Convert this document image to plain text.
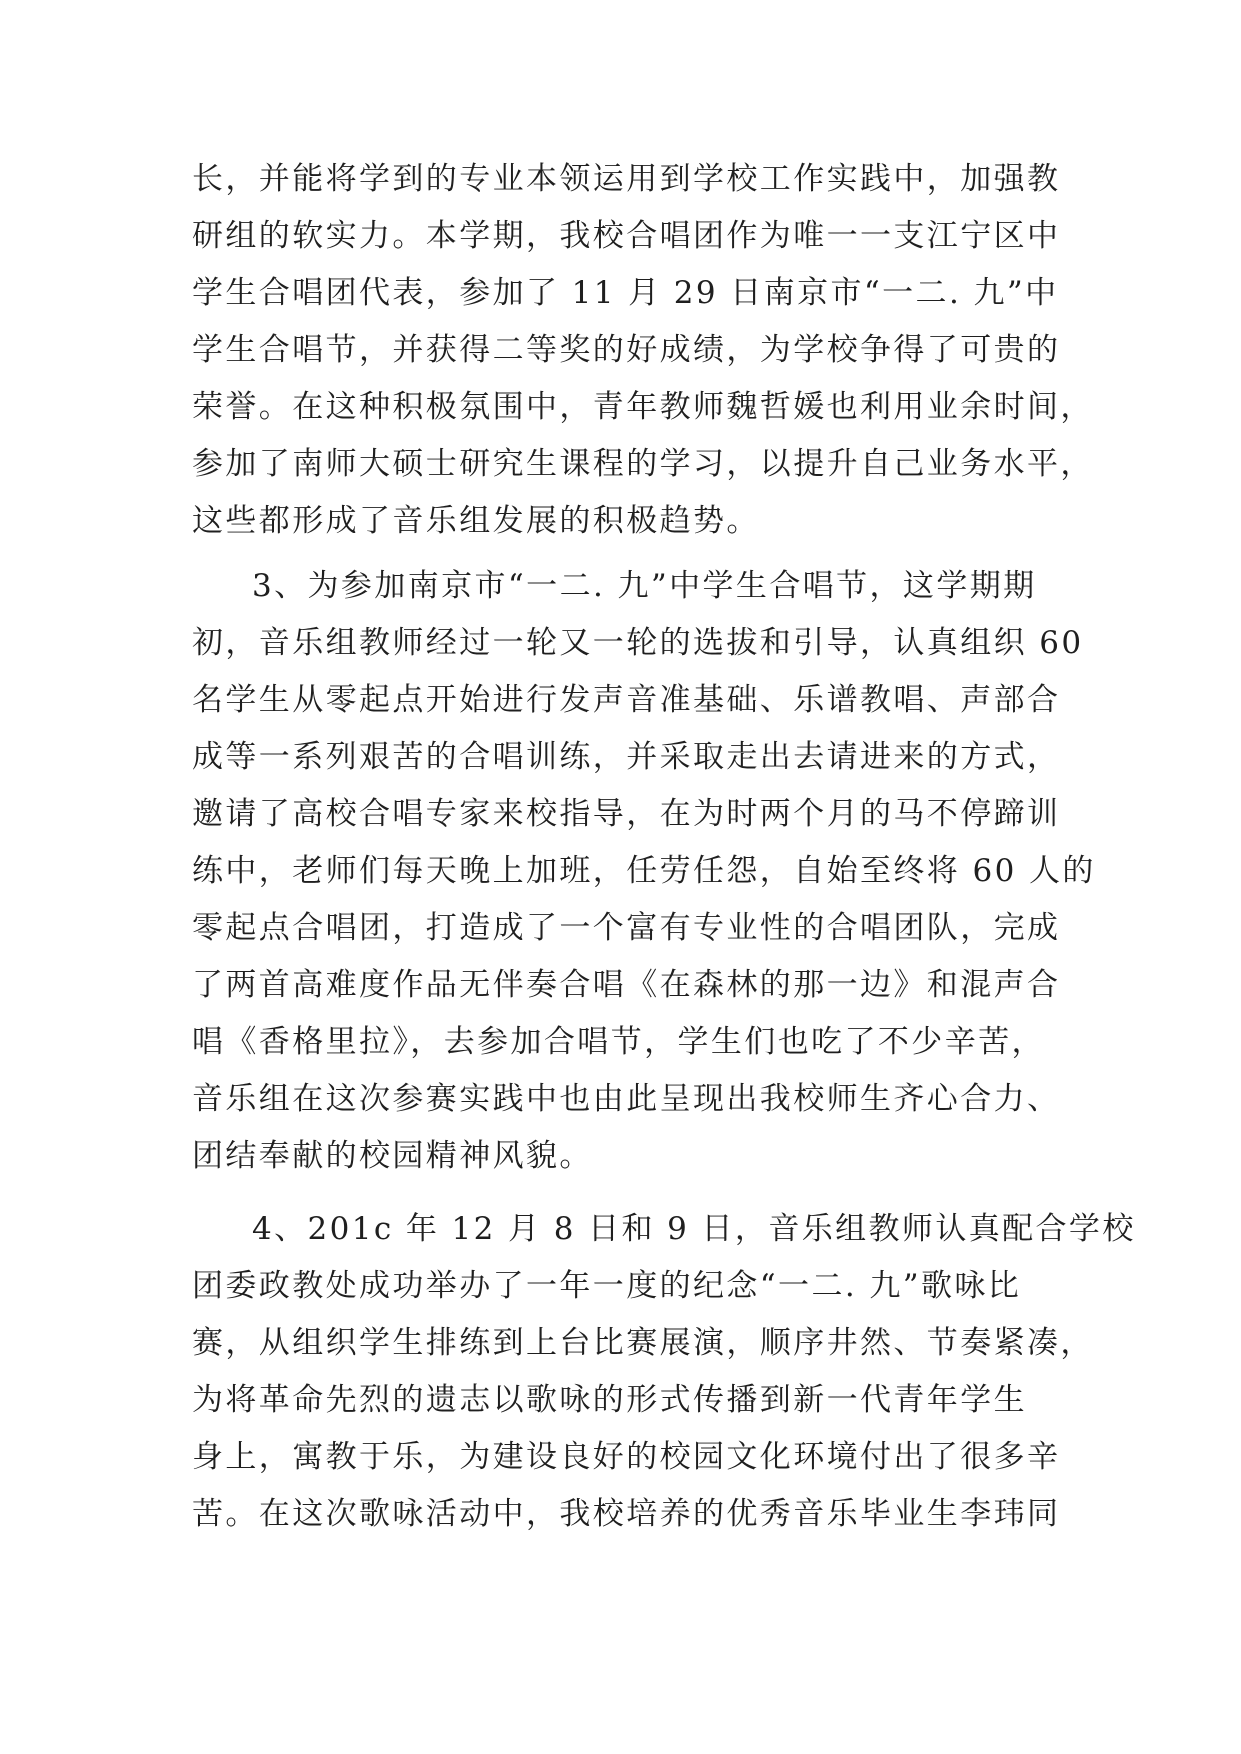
长，并能将学到的专业本领运用到学校工作实践中，加强教
研组的软实力。本学期，我校合唱团作为唯一一支江宁区中
学生合唱团代表，参加了 11 月 29 日南京市“一二. 九”中
学生合唱节，并获得二等奖的好成绩，为学校争得了可贵的
荣誉。在这种积极氛围中，青年教师魏哲媛也利用业余时间，
参加了南师大硕士研究生课程的学习，以提升自己业务水平，
这些都形成了音乐组发展的积极趋势。
3、为参加南京市“一二. 九”中学生合唱节，这学期期
初，音乐组教师经过一轮又一轮的选拔和引导，认真组织 60
名学生从零起点开始进行发声音准基础、乐谱教唱、声部合
成等一系列艰苦的合唱训练，并采取走出去请进来的方式，
邀请了高校合唱专家来校指导，在为时两个月的马不停蹄训
练中，老师们每天晚上加班，任劳任怨，自始至终将 60 人的
零起点合唱团，打造成了一个富有专业性的合唱团队，完成
了两首高难度作品无伴奏合唱《在森林的那一边》和混声合
唱《香格里拉》，去参加合唱节，学生们也吃了不少辛苦，
音乐组在这次参赛实践中也由此呈现出我校师生齐心合力、
团结奉献的校园精神风貌。
4、201c 年 12 月 8 日和 9 日，音乐组教师认真配合学校
团委政教处成功举办了一年一度的纪念“一二. 九”歌咏比
赛，从组织学生排练到上台比赛展演，顺序井然、节奏紧凑，
为将革命先烈的遗志以歌咏的形式传播到新一代青年学生
身上，寓教于乐，为建设良好的校园文化环境付出了很多辛
苦。在这次歌咏活动中，我校培养的优秀音乐毕业生李玮同
